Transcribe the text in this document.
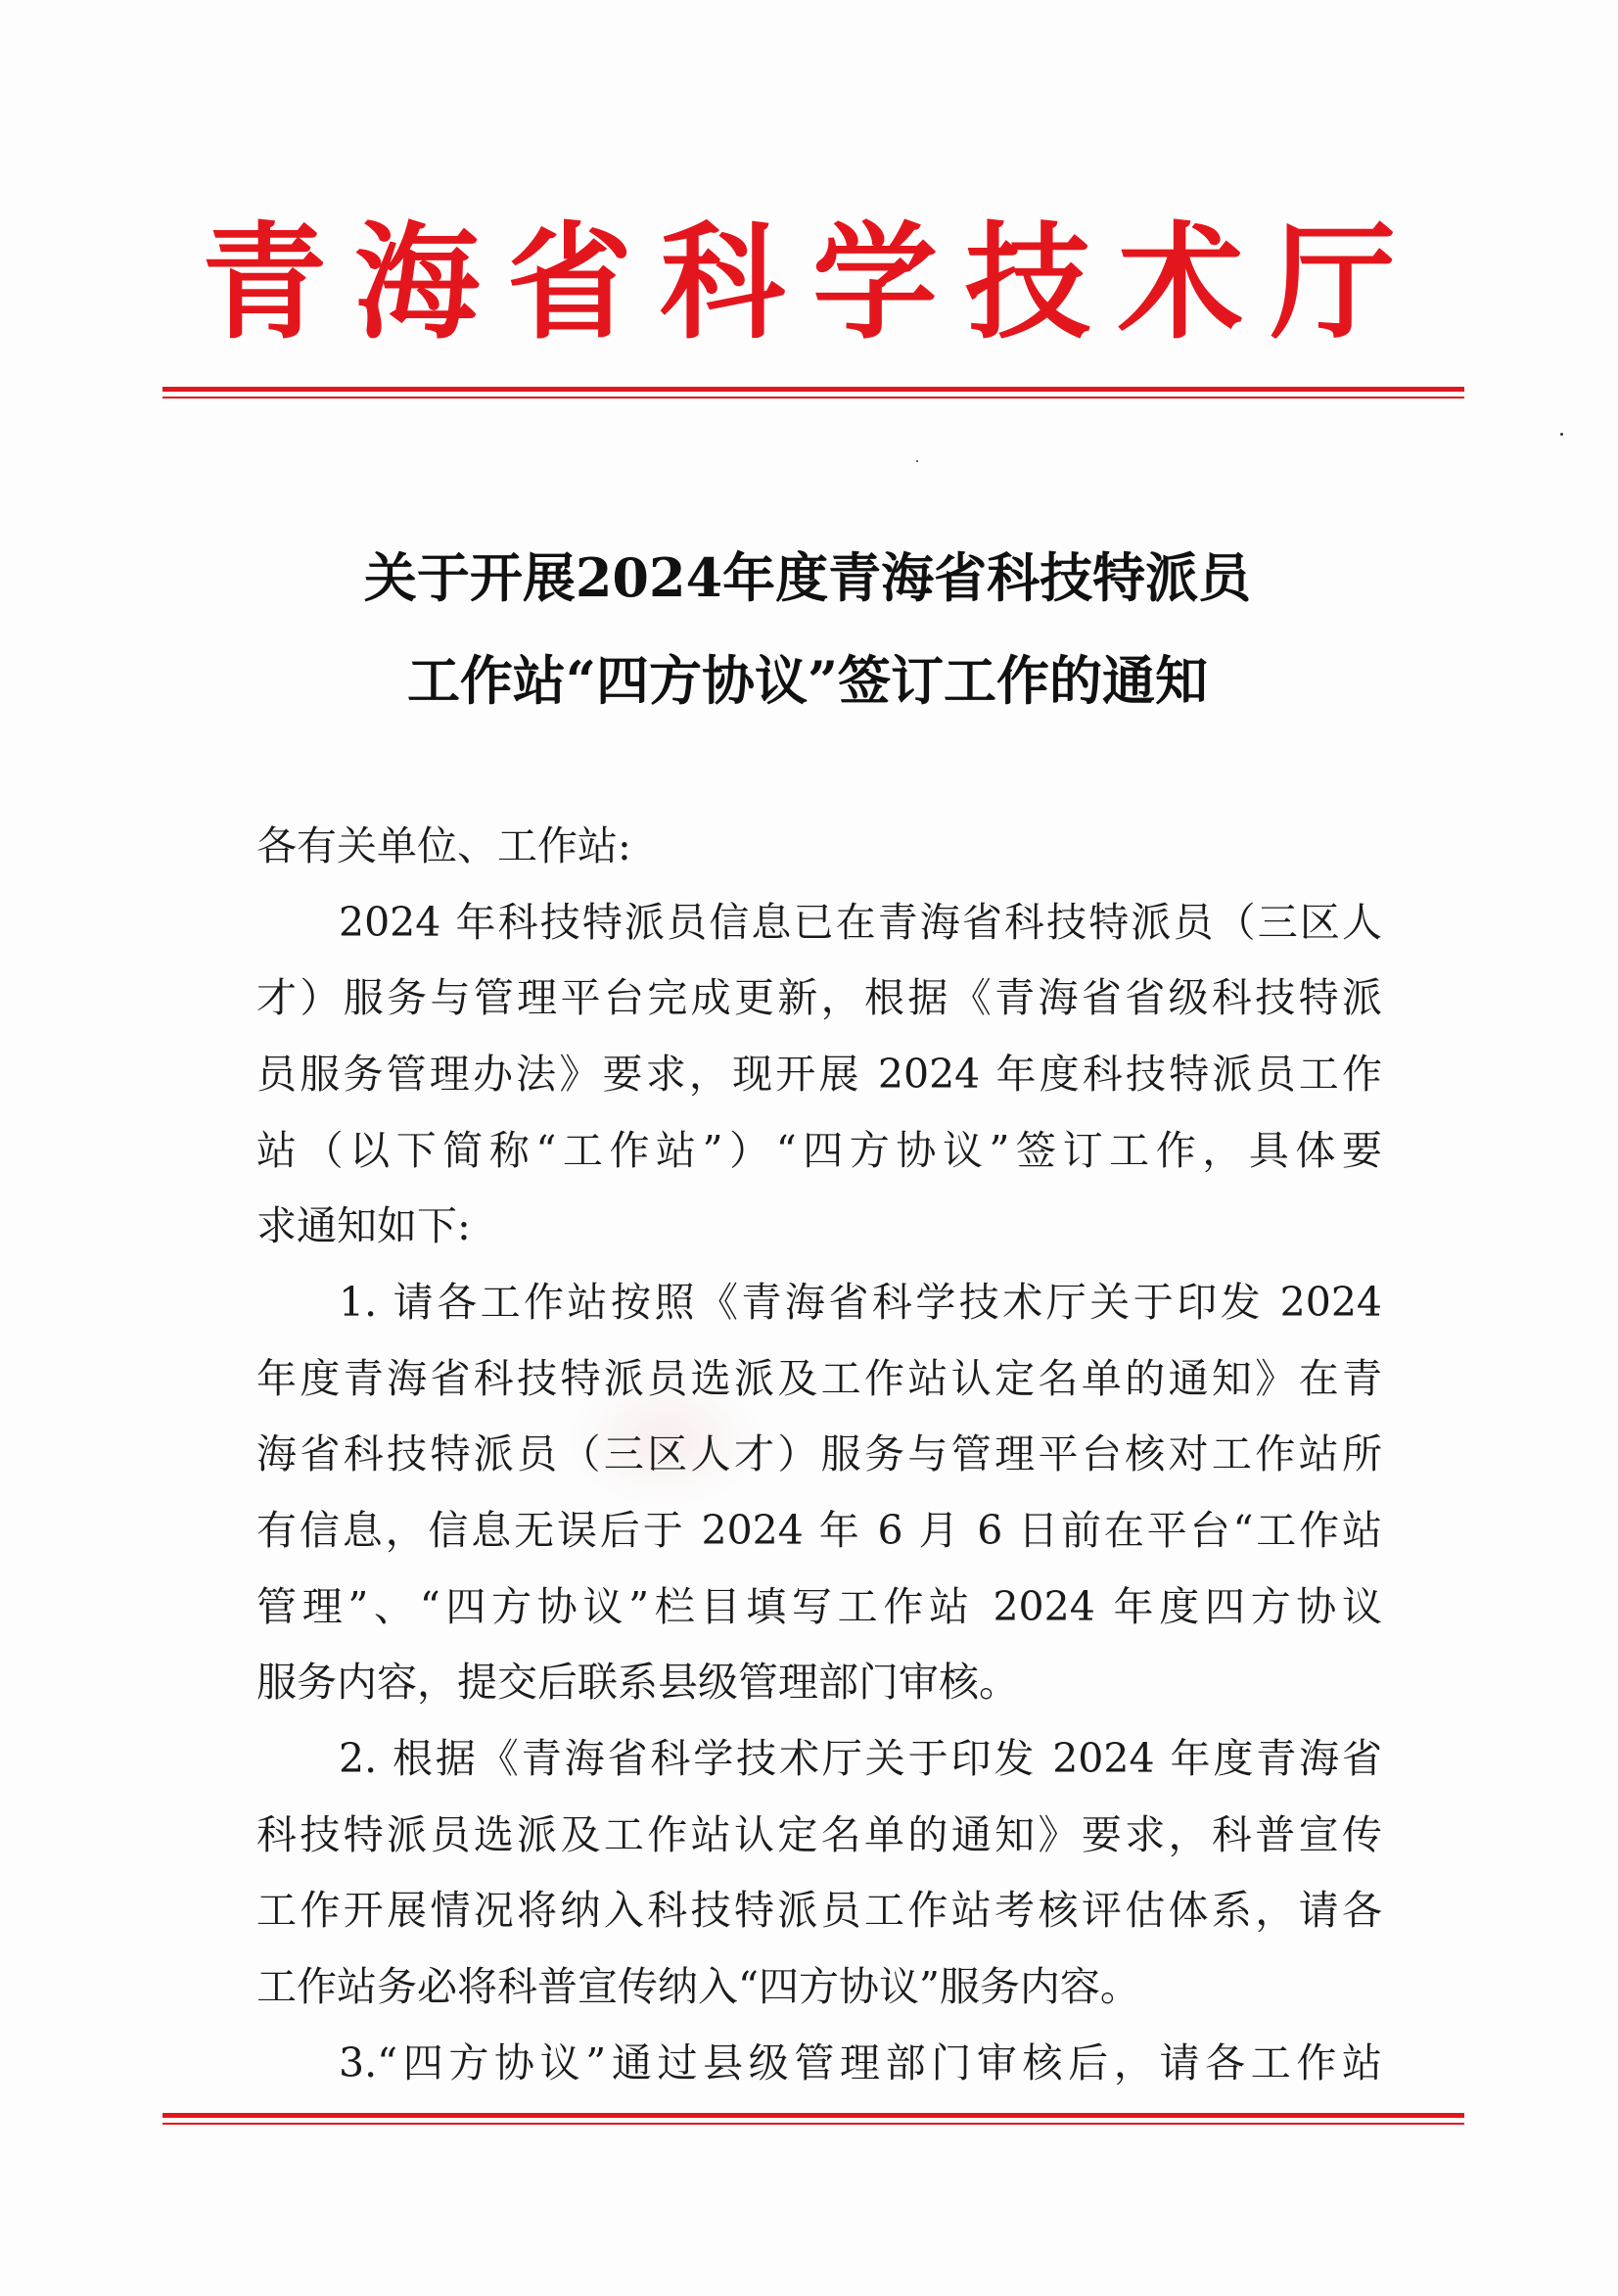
青海省科学技术厅
关于开展2024年度青海省科技特派员
工作站“四方协议”签订工作的通知
各有关单位、工作站:
2024 年科技特派员信息已在青海省科技特派员（三区人
才）服务与管理平台完成更新，根据《青海省省级科技特派
员服务管理办法》要求，现开展 2024 年度科技特派员工作
站（以下简称“工作站”）“四方协议”签订工作，具体要
求通知如下:
1. 请各工作站按照《青海省科学技术厅关于印发 2024
年度青海省科技特派员选派及工作站认定名单的通知》在青
海省科技特派员（三区人才）服务与管理平台核对工作站所
有信息，信息无误后于 2024 年 6 月 6 日前在平台“工作站
管理”、“四方协议”栏目填写工作站 2024 年度四方协议
服务内容，提交后联系县级管理部门审核。
2. 根据《青海省科学技术厅关于印发 2024 年度青海省
科技特派员选派及工作站认定名单的通知》要求，科普宣传
工作开展情况将纳入科技特派员工作站考核评估体系，请各
工作站务必将科普宣传纳入“四方协议”服务内容。
3.“四方协议”通过县级管理部门审核后，请各工作站
